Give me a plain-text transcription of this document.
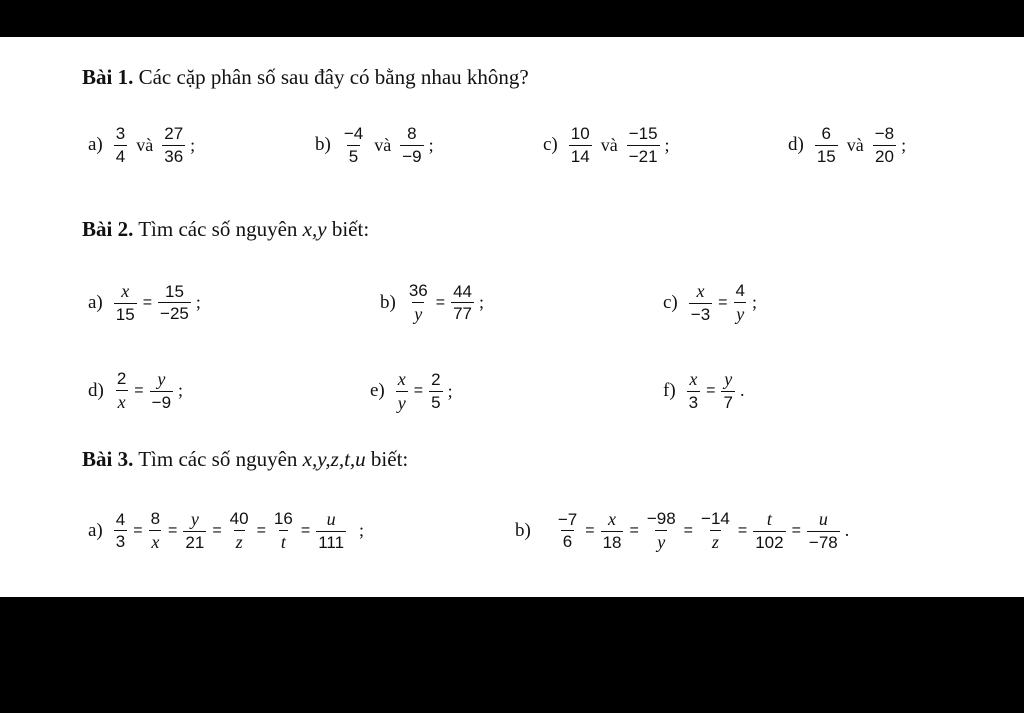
Bài 1. Các cặp phân số sau đây có bằng nhau không?
$a) \frac{3}{4}$ và $\frac{27}{36}$ ;	$b) \frac{-4}{5}$ và $\frac{8}{-9}$ ;	$c) \frac{10}{14}$ và $\frac{-15}{-21}$ ;	$d) \frac{6}{15}$ và $\frac{-8}{20}$ ;
Bài 2. Tìm các số nguyên x,y biết:
$a) \frac{x}{15} = \frac{15}{-25}$ ;	$b) \frac{36}{y} = \frac{44}{77}$ ;	$c) \frac{x}{-3} = \frac{4}{y}$ ;
$d) \frac{2}{x} = \frac{y}{-9}$ ;	$e) \frac{x}{y} = \frac{2}{5}$ ;	$f) \frac{x}{3} = \frac{y}{7}$ .
Bài 3. Tìm các số nguyên x,y,z,t,u biết:
$a) \frac{4}{3} = \frac{8}{x} = \frac{y}{21} = \frac{40}{z} = \frac{16}{t} = \frac{u}{111}$ ;	$b) \frac{-7}{6} = \frac{x}{18} = \frac{-98}{y} = \frac{-14}{z} = \frac{t}{102} = \frac{u}{-78}$ .
